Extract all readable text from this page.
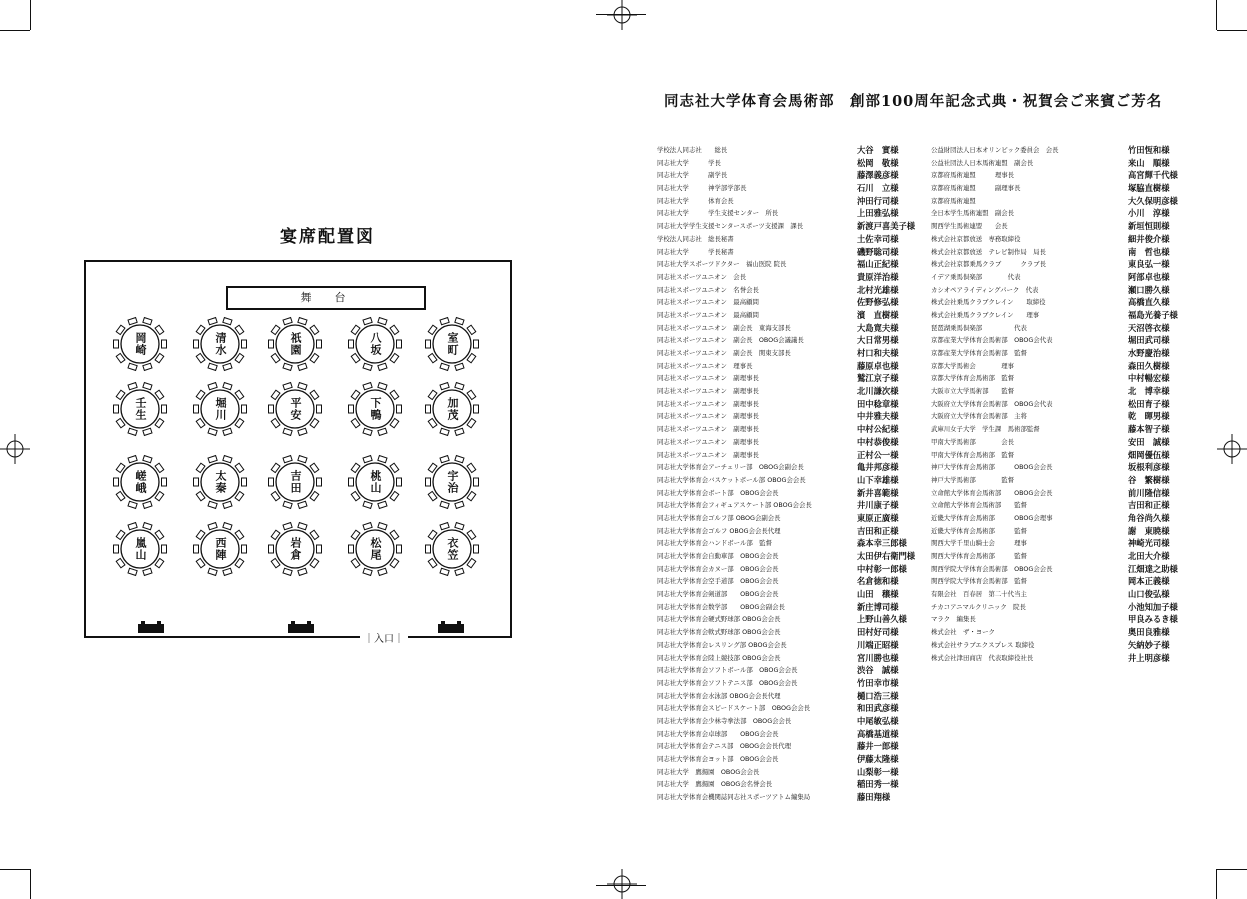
宴席配置図
舞　台
岡崎	清水	祇園	八坂	室町
壬生	堀川	平安	下鴨	加茂
嵯峨	太秦	吉田	桃山	宇治
嵐山	西陣	岩倉	松尾	衣笠
｜入口｜
同志社大学体育会馬術部　創部100周年記念式典・祝賀会ご来賓ご芳名
学校法人同志社　　総長	大谷　實様
同志社大学　　　学長	松岡　敬様
同志社大学　　　副学長	藤澤義彦様
同志社大学　　　神学部学部長	石川　立様
同志社大学　　　体育会長	沖田行司様
同志社大学　　　学生支援センター　所長	上田雅弘様
同志社大学学生支援センタースポーツ支援課　課長	新渡戸喜美子様
学校法人同志社　総長秘書	土佐幸司様
同志社大学　　　学長秘書	磯野聡司様
同志社大学スポーツドクター　福山医院 院長	福山正紀様
同志社スポーツユニオン　会長	貴原洋治様
同志社スポーツユニオン　名誉会長	北村光雄様
同志社スポーツユニオン　最高顧問	佐野修弘様
同志社スポーツユニオン　最高顧問	濱　直樹様
同志社スポーツユニオン　副会長　東海支部長	大島寛夫様
同志社スポーツユニオン　副会長　OBOG会議議長	大日常男様
同志社スポーツユニオン　副会長　関東支部長	村口和夫様
同志社スポーツユニオン　理事長	藤原卓也様
同志社スポーツユニオン　副理事長	鷲江京子様
同志社スポーツユニオン　副理事長	北川謙次様
同志社スポーツユニオン　副理事長	田中稔章様
同志社スポーツユニオン　副理事長	中井雅夫様
同志社スポーツユニオン　副理事長	中村公紀様
同志社スポーツユニオン　副理事長	中村恭俊様
同志社スポーツユニオン　副理事長	正村公一様
同志社大学体育会アーチェリー部　OBOG会副会長	亀井邦彦様
同志社大学体育会バスケットボール部 OBOG会会長	山下幸雄様
同志社大学体育会ボート部　OBOG会会長	新井喜範様
同志社大学体育会フィギュアスケート部 OBOG会会長	井川康子様
同志社大学体育会ゴルフ部 OBOG会副会長	東原正廣様
同志社大学体育会ゴルフ OBOG会会長代理	吉田和正様
同志社大学体育会ハンドボール部　監督	森本幸三郎様
同志社大学体育会自動車部　OBOG会会長	太田伊右衛門様
同志社大学体育会カヌー部　OBOG会会長	中村彰一郎様
同志社大学体育会空手道部　OBOG会会長	名倉徳和様
同志社大学体育会剣道部　　OBOG会会長	山田　穣様
同志社大学体育会数学部　　OBOG会副会長	新庄博司様
同志社大学体育会硬式野球部 OBOG会会長	上野山善久様
同志社大学体育会軟式野球部 OBOG会会長	田村好司様
同志社大学体育会レスリング部 OBOG会会長	川端正昭様
同志社大学体育会陸上競技部 OBOG会会長	宮川勝也様
同志社大学体育会ソフトボール部　OBOG会会長	渋谷　誠様
同志社大学体育会ソフトテニス部　OBOG会会長	竹田幸市様
同志社大学体育会水泳部 OBOG会会長代理	樋口浩三様
同志社大学体育会スピードスケート部　OBOG会会長	和田武彦様
同志社大学体育会少林寺拳法部　OBOG会会長	中尾敏弘様
同志社大学体育会卓球部　　OBOG会会長	高橋基道様
同志社大学体育会テニス部　OBOG会会長代理	藤井一郎様
同志社大学体育会ヨット部　OBOG会会長	伊藤太隆様
同志社大学　鷹揚園　OBOG会会長	山梨彰一様
同志社大学　鷹揚園　OBOG会名誉会長	稲田秀一様
同志社大学体育会機関誌同志社スポーツアトム編集局	藤田翔様
公益財団法人日本オリンピック委員会　会長	竹田恆和様
公益社団法人日本馬術連盟　副会長	来山　順様
京都府馬術連盟　　　理事長	高宮輝千代様
京都府馬術連盟　　　副理事長	塚脇直樹様
京都府馬術連盟	大久保明彦様
全日本学生馬術連盟　副会長	小川　淳様
関西学生馬術連盟　　会長	新垣恒則様
株式会社京都放送　専務取締役	細井俊介様
株式会社京都放送　テレビ制作局　局長	南　哲也様
株式会社京都乗馬クラブ　　　クラブ長	東良弘一様
イデア乗馬倶楽部　　　　代表	阿部卓也様
カシオペアライディングパーク　代表	瀬口勝久様
株式会社乗馬クラブクレイン　　取締役	高橋直久様
株式会社乗馬クラブクレイン　　理事	福島光養子様
琵琶湖乗馬倶楽部　　　　　代表	天沼啓衣様
京都産業大学体育会馬術部　OBOG会代表	堀田武司様
京都産業大学体育会馬術部　監督	水野慶治様
京都大学馬術会　　　　理事	森田久樹様
京都大学体育会馬術部　監督	中村暢宏様
大阪市立大学馬術部　　監督	北　博幸様
大阪府立大学体育会馬術部　OBOG会代表	松田育子様
大阪府立大学体育会馬術部　主将	乾　暉男様
武庫川女子大学　学生課　馬術部監督	藤本智子様
甲南大学馬術部　　　　会長	安田　誠様
甲南大学体育会馬術部　監督	畑岡優伍様
神戸大学体育会馬術部　　　OBOG会会長	坂根利彦様
神戸大学馬術部　　　　監督	谷　繁樹様
立命館大学体育会馬術部　　OBOG会会長	前川隆信様
立命館大学体育会馬術部　　監督	吉田和正様
近畿大学体育会馬術部　　　OBOG会理事	角谷尚久様
近畿大学体育会馬術部　　　監督	謝　東暁様
関西大学千里山騎士会　　　理事	神崎光司様
関西大学体育会馬術部　　　監督	北田大介様
関西学院大学体育会馬術部　OBOG会会長	江畑達之助様
関西学院大学体育会馬術部　監督	岡本正義様
有限会社　百春居　第二十代当主	山口俊弘様
チカコアニマルクリニック　院長	小池知加子様
マラク　編集長	甲良みるき様
株式会社　ザ・ヨーク	奥田良雅様
株式会社サラブエクスプレス 取締役	矢納妙子様
株式会社津田商店　代表取締役社長	井上明彦様
